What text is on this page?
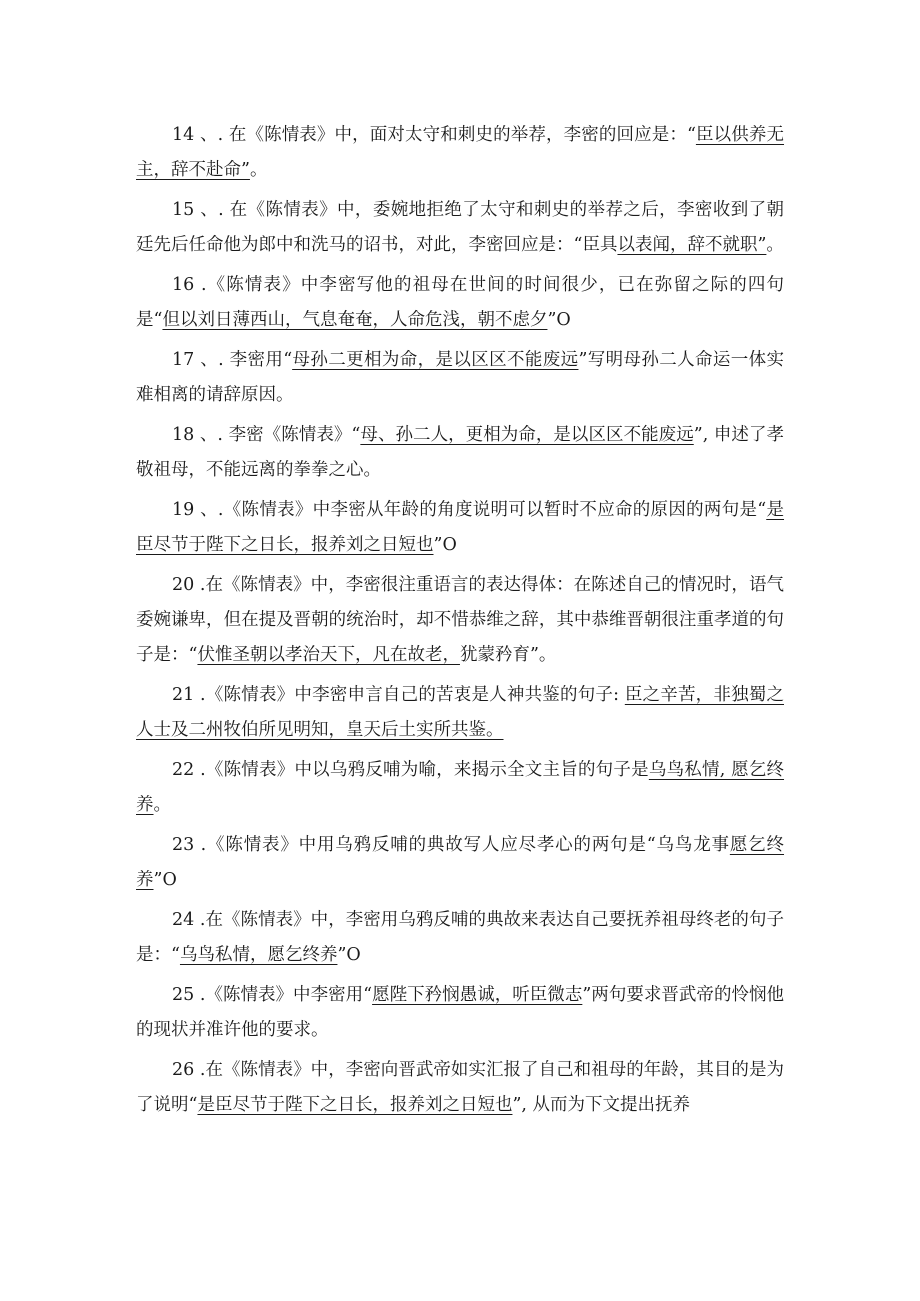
14 、. 在《陈情表》中，面对太守和刺史的举荐，李密的回应是：“臣以供养无主，辞不赴命”。

15 、. 在《陈情表》中，委婉地拒绝了太守和刺史的举荐之后，李密收到了朝廷先后任命他为郎中和洗马的诏书，对此，李密回应是：“臣具以表闻，辞不就职”。

16 .《陈情表》中李密写他的祖母在世间的时间很少，已在弥留之际的四句是“但以刘日薄西山，气息奄奄，人命危浅，朝不虑夕”O

17 、. 李密用“母孙二更相为命，是以区区不能废远”写明母孙二人命运一体实难相离的请辞原因。

18 、. 李密《陈情表》“母、孙二人，更相为命，是以区区不能废远”, 申述了孝敬祖母，不能远离的拳拳之心。

19 、.《陈情表》中李密从年龄的角度说明可以暂时不应命的原因的两句是“是臣尽节于陛下之日长，报养刘之日短也”O

20 .在《陈情表》中，李密很注重语言的表达得体：在陈述自己的情况时，语气委婉谦卑，但在提及晋朝的统治时，却不惜恭维之辞，其中恭维晋朝很注重孝道的句子是：“伏惟圣朝以孝治天下，凡在故老，犹蒙矜育”。

21 .《陈情表》中李密申言自己的苦衷是人神共鉴的句子: 臣之辛苦，非独蜀之人士及二州牧伯所见明知，皇天后土实所共鉴。

22 .《陈情表》中以乌鸦反哺为喻，来揭示全文主旨的句子是乌鸟私情, 愿乞终养。

23 .《陈情表》中用乌鸦反哺的典故写人应尽孝心的两句是“乌鸟龙事愿乞终养”O

24 .在《陈情表》中，李密用乌鸦反哺的典故来表达自己要抚养祖母终老的句子是：“乌鸟私情，愿乞终养”O

25 .《陈情表》中李密用“愿陛下矜悯愚诚，听臣微志”两句要求晋武帝的怜悯他的现状并准许他的要求。

26 .在《陈情表》中，李密向晋武帝如实汇报了自己和祖母的年龄，其目的是为了说明“是臣尽节于陛下之日长，报养刘之日短也”, 从而为下文提出抚养
